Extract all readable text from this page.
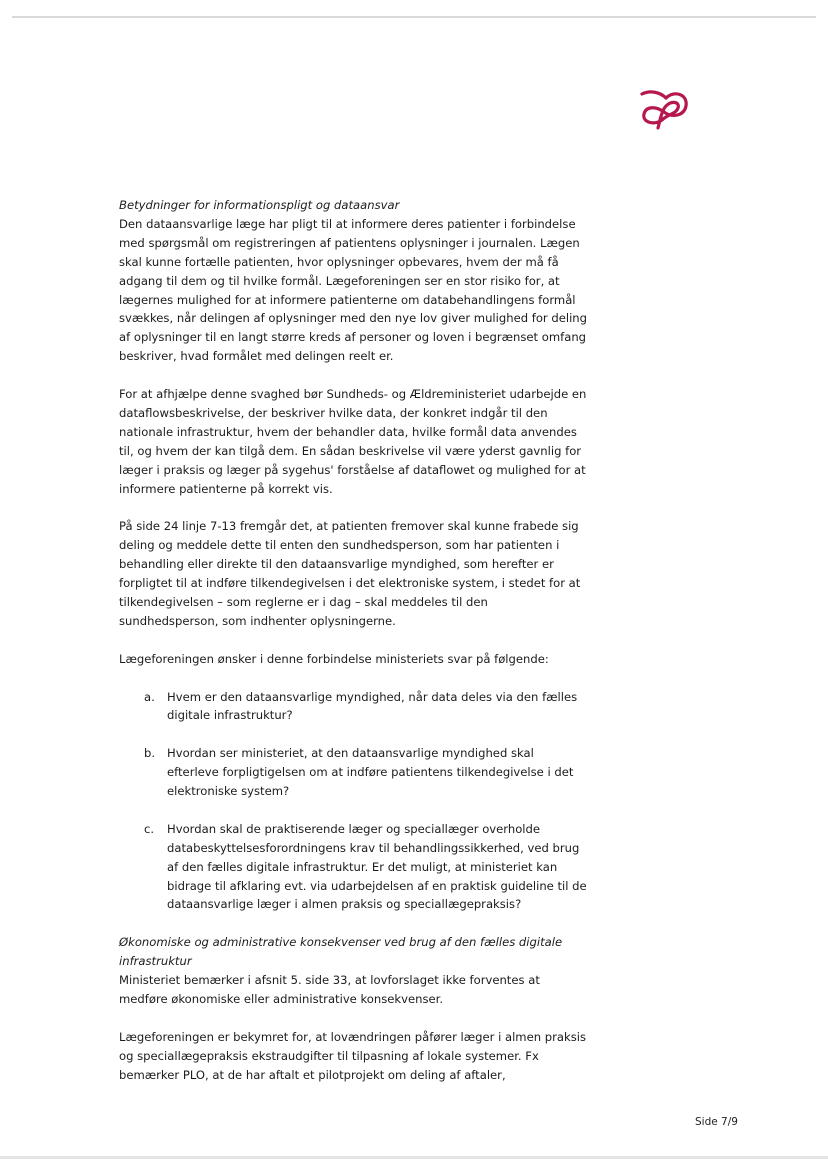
Betydninger for informationspligt og dataansvar

Den dataansvarlige læge har pligt til at informere deres patienter i forbindelse med spørgsmål om registreringen af patientens oplysninger i journalen. Lægen skal kunne fortælle patienten, hvor oplysninger opbevares, hvem der må få adgang til dem og til hvilke formål. Lægeforeningen ser en stor risiko for, at lægernes mulighed for at informere patienterne om databehandlingens formål svækkes, når delingen af oplysninger med den nye lov giver mulighed for deling af oplysninger til en langt større kreds af personer og loven i begrænset omfang beskriver, hvad formålet med delingen reelt er.

For at afhjælpe denne svaghed bør Sundheds- og Ældreministeriet udarbejde en dataflowsbeskrivelse, der beskriver hvilke data, der konkret indgår til den nationale infrastruktur, hvem der behandler data, hvilke formål data anvendes til, og hvem der kan tilgå dem. En sådan beskrivelse vil være yderst gavnlig for læger i praksis og læger på sygehus' forståelse af dataflowet og mulighed for at informere patienterne på korrekt vis.

På side 24 linje 7-13 fremgår det, at patienten fremover skal kunne frabede sig deling og meddele dette til enten den sundhedsperson, som har patienten i behandling eller direkte til den dataansvarlige myndighed, som herefter er forpligtet til at indføre tilkendegivelsen i det elektroniske system, i stedet for at tilkendegivelsen – som reglerne er i dag – skal meddeles til den sundhedsperson, som indhenter oplysningerne.

Lægeforeningen ønsker i denne forbindelse ministeriets svar på følgende:

a. Hvem er den dataansvarlige myndighed, når data deles via den fælles digitale infrastruktur?
b. Hvordan ser ministeriet, at den dataansvarlige myndighed skal efterleve forpligtigelsen om at indføre patientens tilkendegivelse i det elektroniske system?
c. Hvordan skal de praktiserende læger og speciallæger overholde databeskyttelsesforordningens krav til behandlingssikkerhed, ved brug af den fælles digitale infrastruktur. Er det muligt, at ministeriet kan bidrage til afklaring evt. via udarbejdelsen af en praktisk guideline til de dataansvarlige læger i almen praksis og speciallægepraksis?
Økonomiske og administrative konsekvenser ved brug af den fælles digitale infrastruktur

Ministeriet bemærker i afsnit 5. side 33, at lovforslaget ikke forventes at medføre økonomiske eller administrative konsekvenser.

Lægeforeningen er bekymret for, at lovændringen påfører læger i almen praksis og speciallægepraksis ekstraudgifter til tilpasning af lokale systemer. Fx bemærker PLO, at de har aftalt et pilotprojekt om deling af aftaler,

Side 7/9
